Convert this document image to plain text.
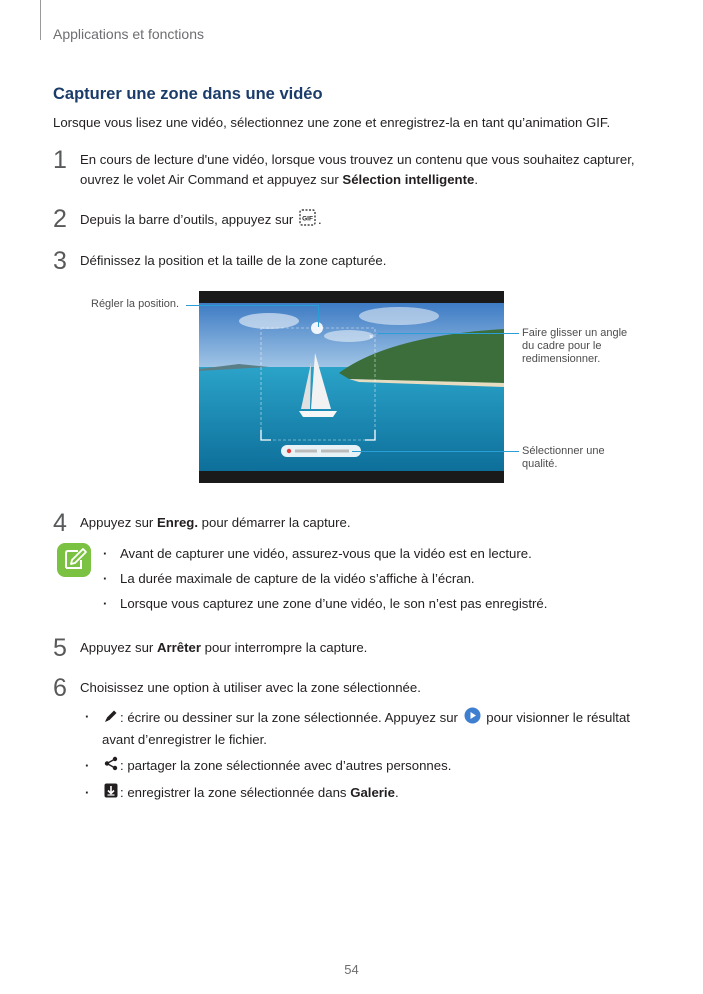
Applications et fonctions
Capturer une zone dans une vidéo
Lorsque vous lisez une vidéo, sélectionnez une zone et enregistrez-la en tant qu’animation GIF.
1 En cours de lecture d'une vidéo, lorsque vous trouvez un contenu que vous souhaitez capturer,
ouvrez le volet Air Command et appuyez sur Sélection intelligente.
2 Depuis la barre d’outils, appuyez sur GIF .
3 Définissez la position et la taille de la zone capturée.
×
Régler la position.
Faire glisser un angle
du cadre pour le
redimensionner.
Sélectionner une
qualité.
4 Appuyez sur Enreg. pour démarrer la capture.
· Avant de capturer une vidéo, assurez-vous que la vidéo est en lecture.
· La durée maximale de capture de la vidéo s’affiche à l’écran.
· Lorsque vous capturez une zone d’une vidéo, le son n’est pas enregistré.
5 Appuyez sur Arrêter pour interrompre la capture.
6 Choisissez une option à utiliser avec la zone sélectionnée.
· : écrire ou dessiner sur la zone sélectionnée. Appuyez sur  pour visionner le résultat
avant d’enregistrer le fichier.
· : partager la zone sélectionnée avec d’autres personnes.
· : enregistrer la zone sélectionnée dans Galerie.
54
